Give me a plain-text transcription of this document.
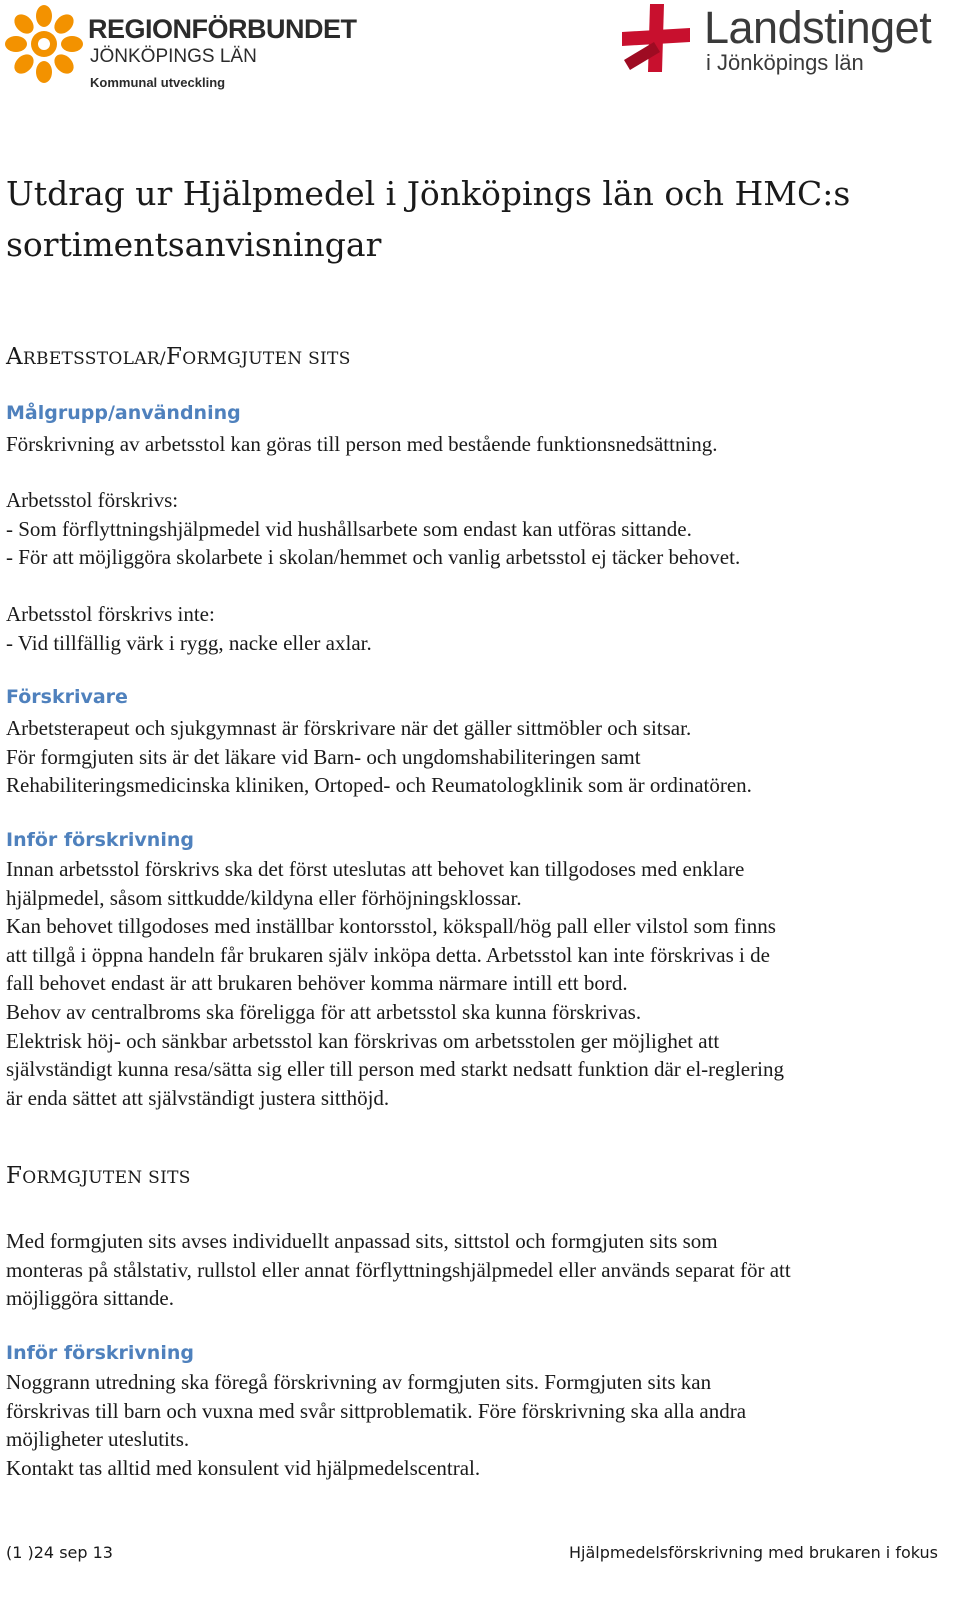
REGIONFÖRBUNDET
JÖNKÖPINGS LÄN
Kommunal utveckling
Landstinget
i Jönköpings län
Utdrag ur Hjälpmedel i Jönköpings län och HMC:s
sortimentsanvisningar
ARBETSSTOLAR/FORMGJUTEN SITS
Målgrupp/användning

Förskrivning av arbetsstol kan göras till person med bestående funktionsnedsättning.

Arbetsstol förskrivs:
- Som förflyttningshjälpmedel vid hushållsarbete som endast kan utföras sittande.
- För att möjliggöra skolarbete i skolan/hemmet och vanlig arbetsstol ej täcker behovet.

Arbetsstol förskrivs inte:
- Vid tillfällig värk i rygg, nacke eller axlar.

Förskrivare

Arbetsterapeut och sjukgymnast är förskrivare när det gäller sittmöbler och sitsar.
För formgjuten sits är det läkare vid Barn- och ungdomshabiliteringen samt
Rehabiliteringsmedicinska kliniken, Ortoped- och Reumatologklinik som är ordinatören.

Inför förskrivning

Innan arbetsstol förskrivs ska det först uteslutas att behovet kan tillgodoses med enklare
hjälpmedel, såsom sittkudde/kildyna eller förhöjningsklossar.
Kan behovet tillgodoses med inställbar kontorsstol, kökspall/hög pall eller vilstol som finns
att tillgå i öppna handeln får brukaren själv inköpa detta. Arbetsstol kan inte förskrivas i de
fall behovet endast är att brukaren behöver komma närmare intill ett bord.
Behov av centralbroms ska föreligga för att arbetsstol ska kunna förskrivas.
Elektrisk höj- och sänkbar arbetsstol kan förskrivas om arbetsstolen ger möjlighet att
självständigt kunna resa/sätta sig eller till person med starkt nedsatt funktion där el-reglering
är enda sättet att självständigt justera sitthöjd.

FORMGJUTEN SITS

Med formgjuten sits avses individuellt anpassad sits, sittstol och formgjuten sits som
monteras på stålstativ, rullstol eller annat förflyttningshjälpmedel eller används separat för att
möjliggöra sittande.

Inför förskrivning

Noggrann utredning ska föregå förskrivning av formgjuten sits. Formgjuten sits kan
förskrivas till barn och vuxna med svår sittproblematik. Före förskrivning ska alla andra
möjligheter uteslutits.
Kontakt tas alltid med konsulent vid hjälpmedelscentral.

(1 )24 sep 13	Hjälpmedelsförskrivning med brukaren i fokus
